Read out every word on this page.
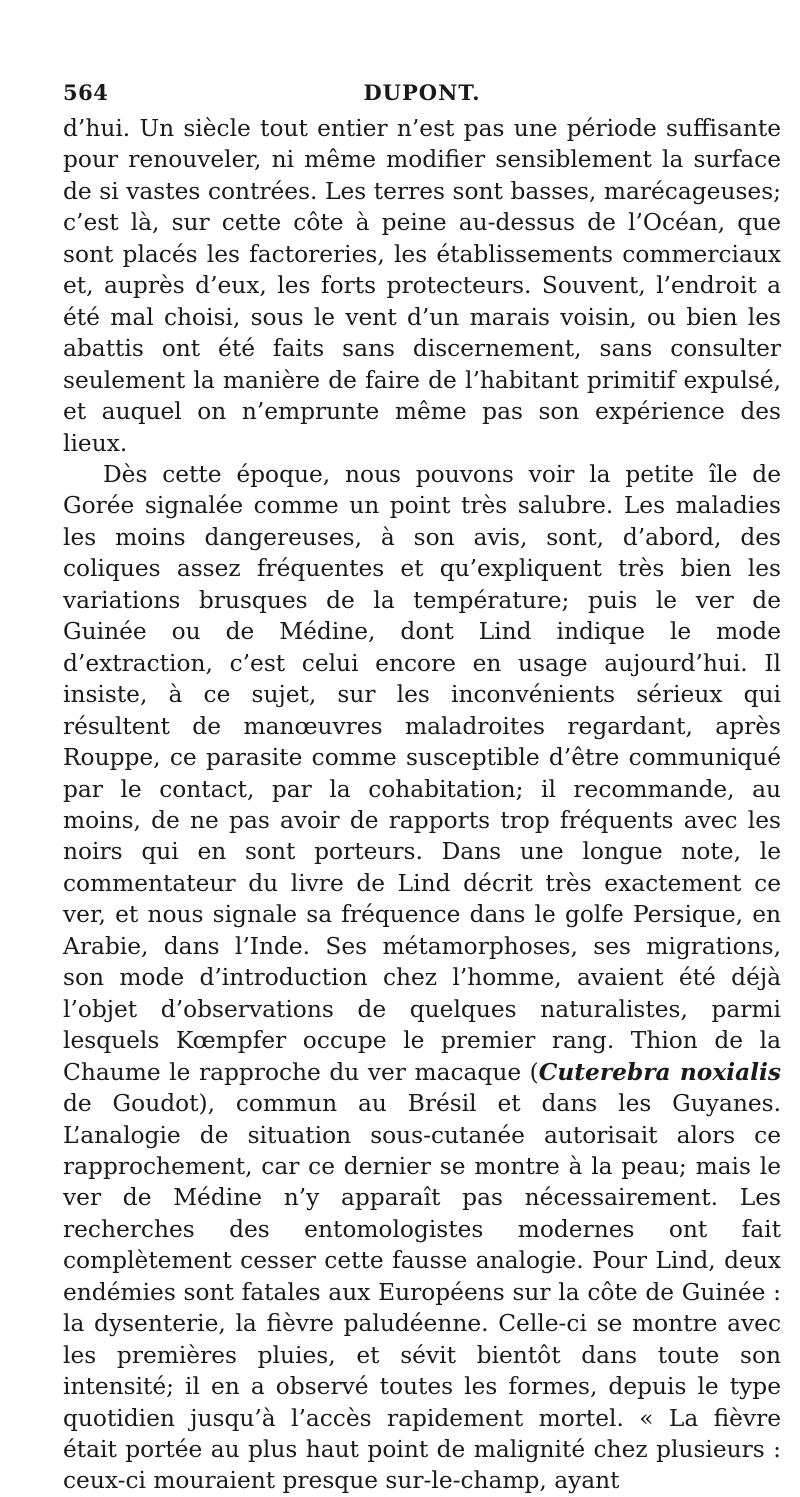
564	DUPONT.

d’hui. Un siècle tout entier n’est pas une période suffisante pour renouveler, ni même modifier sensiblement la surface de si vastes contrées. Les terres sont basses, marécageuses; c’est là, sur cette côte à peine au-dessus de l’Océan, que sont placés les factoreries, les établissements commerciaux et, auprès d’eux, les forts protecteurs. Souvent, l’endroit a été mal choisi, sous le vent d’un marais voisin, ou bien les abattis ont été faits sans discernement, sans consulter seulement la manière de faire de l’habitant primitif expulsé, et auquel on n’emprunte même pas son expérience des lieux.

Dès cette époque, nous pouvons voir la petite île de Gorée signalée comme un point très salubre. Les maladies les moins dangereuses, à son avis, sont, d’abord, des coliques assez fréquentes et qu’expliquent très bien les variations brusques de la température; puis le ver de Guinée ou de Médine, dont Lind indique le mode d’extraction, c’est celui encore en usage aujourd’hui. Il insiste, à ce sujet, sur les inconvénients sérieux qui résultent de manœuvres maladroites regardant, après Rouppe, ce parasite comme susceptible d’être communiqué par le contact, par la cohabitation; il recommande, au moins, de ne pas avoir de rapports trop fréquents avec les noirs qui en sont porteurs. Dans une longue note, le commentateur du livre de Lind décrit très exactement ce ver, et nous signale sa fréquence dans le golfe Persique, en Arabie, dans l’Inde. Ses métamorphoses, ses migrations, son mode d’introduction chez l’homme, avaient été déjà l’objet d’observations de quelques naturalistes, parmi lesquels Kœmpfer occupe le premier rang. Thion de la Chaume le rapproche du ver macaque (Cuterebra noxialis de Goudot), commun au Brésil et dans les Guyanes. L’analogie de situation sous-cutanée autorisait alors ce rapprochement, car ce dernier se montre à la peau; mais le ver de Médine n’y apparaît pas nécessairement. Les recherches des entomologistes modernes ont fait complètement cesser cette fausse analogie. Pour Lind, deux endémies sont fatales aux Européens sur la côte de Guinée : la dysenterie, la fièvre paludéenne. Celle-ci se montre avec les premières pluies, et sévit bientôt dans toute son intensité; il en a observé toutes les formes, depuis le type quotidien jusqu’à l’accès rapidement mortel. « La fièvre était portée au plus haut point de malignité chez plusieurs : ceux-ci mouraient presque sur-le-champ, ayant
